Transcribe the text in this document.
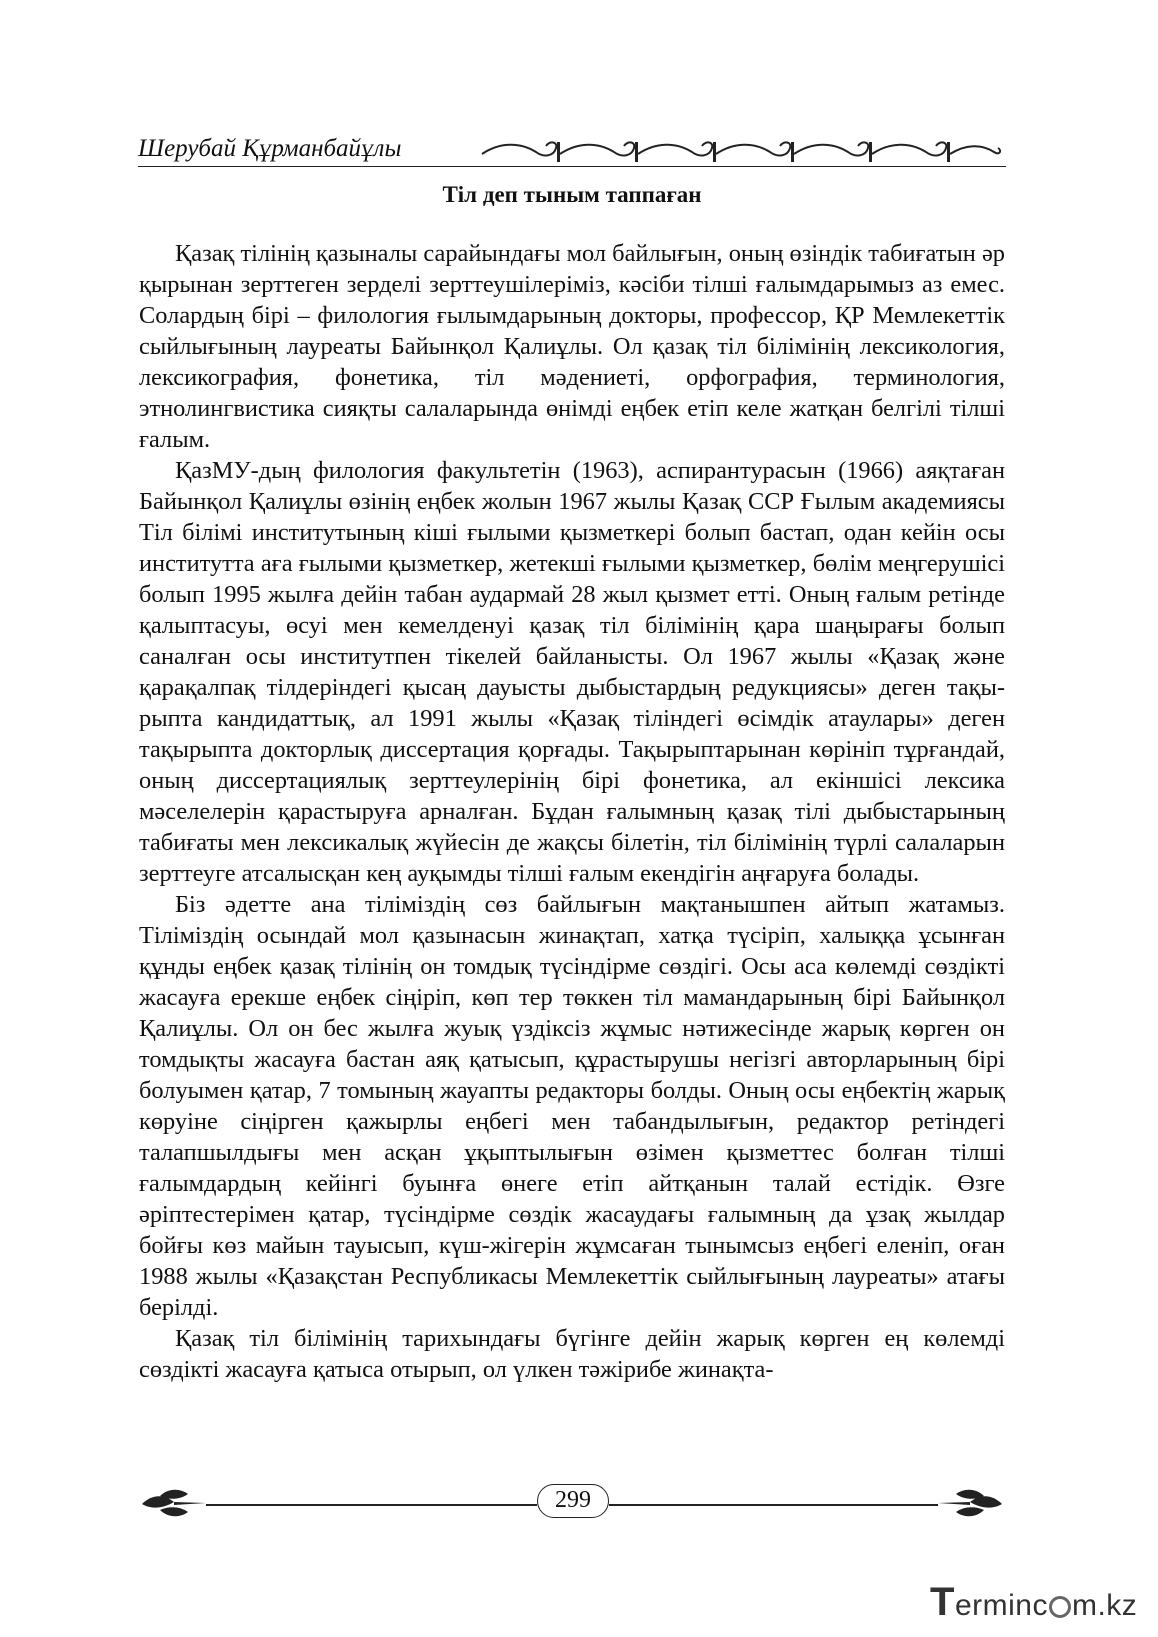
Шерубай Құрманбайұлы
Тіл деп тыным таппаған

Қазақ тілінің қазыналы сарайындағы мол байлығын, оның өзіндік табиғатын әр қырынан зерттеген зерделі зерттеушілеріміз, кәсіби тілші ғалымдарымыз аз емес. Солардың бірі – филология ғылымдарының докторы, профессор, ҚР Мемлекеттік сыйлығының лауреаты Байынқол Қалиұлы. Ол қазақ тіл білімінің лексикология, лексикография, фонетика, тіл мәдениеті, орфография, терминология, этнолингвистика сияқты салаларында өнімді еңбек етіп келе жатқан белгілі тілші ғалым.

ҚазМУ-дың филология факультетін (1963), аспирантурасын (1966) аяқтаған Байынқол Қалиұлы өзінің еңбек жолын 1967 жылы Қазақ ССР Ғылым академиясы Тіл білімі институтының кіші ғылыми қызметкері болып бастап, одан кейін осы институтта аға ғылыми қызметкер, жетекші ғылыми қызметкер, бөлім меңгерушісі болып 1995 жылға дейін табан аудармай 28 жыл қызмет етті. Оның ғалым ретінде қалыптасуы, өсуі мен кемелденуі қазақ тіл білімінің қара шаңырағы болып саналған осы институтпен тікелей байланысты. Ол 1967 жылы «Қазақ және қарақалпақ тілдеріндегі қысаң дауысты дыбыстардың редукциясы» деген тақырыпта кандидаттық, ал 1991 жылы «Қазақ тіліндегі өсімдік атаулары» деген тақырыпта докторлық диссертация қорғады. Тақырыптарынан көрініп тұрғандай, оның диссертациялық зерттеулерінің бірі фонетика, ал екіншісі лексика мәселелерін қарастыруға арналған. Бұдан ғалымның қазақ тілі дыбыстарының табиғаты мен лексикалық жүйесін де жақсы білетін, тіл білімінің түрлі салаларын зерттеуге атсалысқан кең ауқымды тілші ғалым екендігін аңғаруға болады.

Біз әдетте ана тіліміздің сөз байлығын мақтанышпен айтып жатамыз. Тіліміздің осындай мол қазынасын жинақтап, хатқа түсіріп, халыққа ұсынған құнды еңбек қазақ тілінің он томдық түсіндірме сөздігі. Осы аса көлемді сөздікті жасауға ерекше еңбек сіңіріп, көп тер төккен тіл мамандарының бірі Байынқол Қалиұлы. Ол он бес жылға жуық үздіксіз жұмыс нәтижесінде жарық көрген он томдықты жасауға бастан аяқ қатысып, құрастырушы негізгі авторларының бірі болуымен қатар, 7 томының жауапты редакторы болды. Оның осы еңбектің жарық көруіне сіңірген қажырлы еңбегі мен табандылығын, редактор ретіндегі талапшылдығы мен асқан ұқыптылығын өзімен қызметтес болған тілші ғалымдардың кейінгі буынға өнеге етіп айтқанын талай естідік. Өзге әріптестерімен қатар, түсіндірме сөздік жасаудағы ғалымның да ұзақ жылдар бойғы көз майын тауысып, күш-жігерін жұмсаған тынымсыз еңбегі еленіп, оған 1988 жылы «Қазақстан Республикасы Мемлекеттік сыйлығының лауреаты» атағы берілді.

Қазақ тіл білімінің тарихындағы бүгінге дейін жарық көрген ең көлемді сөздікті жасауға қатыса отырып, ол үлкен тәжірибе жинақта-

299
Terminc m.kz
